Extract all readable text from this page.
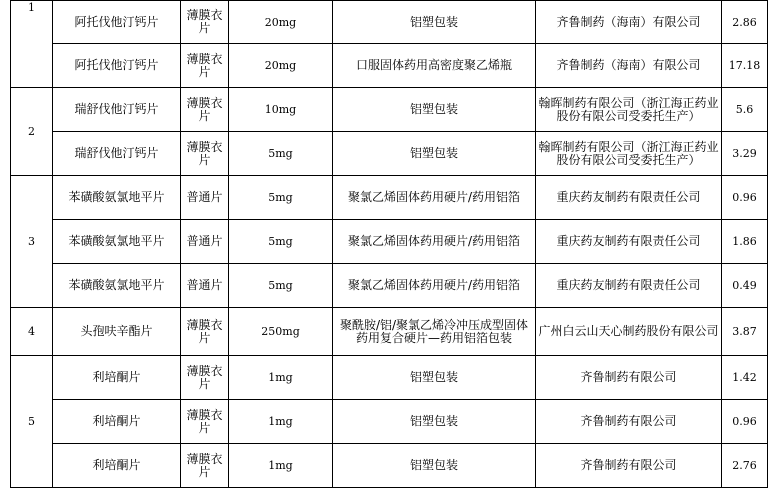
1	阿托伐他汀钙片	薄膜衣片	20mg	铝塑包装	齐鲁制药（海南）有限公司	2.86
	阿托伐他汀钙片	薄膜衣片	20mg	口服固体药用高密度聚乙烯瓶	齐鲁制药（海南）有限公司	17.18
2	瑞舒伐他汀钙片	薄膜衣片	10mg	铝塑包装	翰晖制药有限公司（浙江海正药业股份有限公司受委托生产）	5.6
	瑞舒伐他汀钙片	薄膜衣片	5mg	铝塑包装	翰晖制药有限公司（浙江海正药业股份有限公司受委托生产）	3.29
3	苯磺酸氨氯地平片	普通片	5mg	聚氯乙烯固体药用硬片/药用铝箔	重庆药友制药有限责任公司	0.96
	苯磺酸氨氯地平片	普通片	5mg	聚氯乙烯固体药用硬片/药用铝箔	重庆药友制药有限责任公司	1.86
	苯磺酸氨氯地平片	普通片	5mg	聚氯乙烯固体药用硬片/药用铝箔	重庆药友制药有限责任公司	0.49
4	头孢呋辛酯片	薄膜衣片	250mg	聚酰胺/铝/聚氯乙烯冷冲压成型固体药用复合硬片—药用铝箔包装	广州白云山天心制药股份有限公司	3.87
5	利培酮片	薄膜衣片	1mg	铝塑包装	齐鲁制药有限公司	1.42
	利培酮片	薄膜衣片	1mg	铝塑包装	齐鲁制药有限公司	0.96
	利培酮片	薄膜衣片	1mg	铝塑包装	齐鲁制药有限公司	2.76
